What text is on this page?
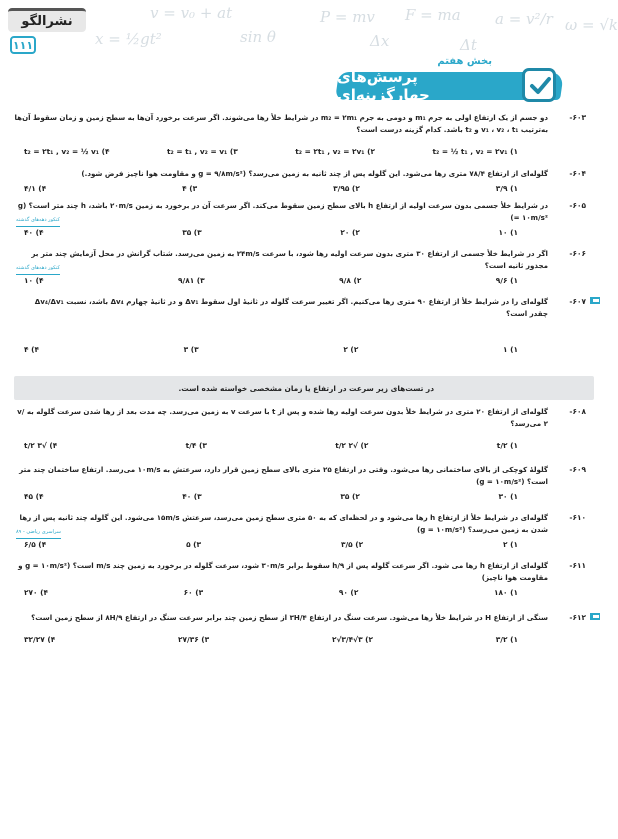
v = v₀ + at	P = mv F = ma a = v²/r ω = √k
x = ½gt²	sin θ	Δx	Δt
نشرالگو
۱۱۱
بخش هفتم
پرسش‌های چهارگزینه‌ای
-۶۰۳
دو جسم از یک ارتفاع اولی به جرم m₁ و دومی به جرم m₂ = ۲m₁ در شرایط خلأ رها می‌شوند. اگر سرعت برخورد آن‌ها به سطح زمین و زمان سقوط آن‌ها به‌ترتیب v₁ ، v₂ ، t₁ و t₂ باشد. کدام گزینه درست است؟
۱) t₂ = ½ t₁ , v₂ = ۲v₁
۲) t₂ = ۲t₁ , v₂ = ۲v₁
۳) t₂ = t₁ , v₂ = v₁
۴) t₂ = ۲t₁ , v₂ = ½ v₁
-۶۰۴
گلوله‌ای از ارتفاع ۷۸/۴ متری رها می‌شود. این گلوله پس از چند ثانیه به زمین می‌رسد؟ (g = ۹/۸m/s² و مقاومت هوا ناچیز فرض شود.)
۱) ۳/۹
۲) ۳/۹۵
۳) ۴
۴) ۴/۱
-۶۰۵
در شرایط خلأ جسمی بدون سرعت اولیه از ارتفاع h بالای سطح زمین سقوط می‌کند. اگر سرعت آن در برخورد به زمین ۲۰m/s باشد، h چند متر است؟ (g = ۱۰m/s²)
کنکور دهه‌های گذشته
۱) ۱۰
۲) ۲۰
۳) ۳۵
۴) ۴۰
-۶۰۶
اگر در شرایط خلأ جسمی از ارتفاع ۳۰ متری بدون سرعت اولیه رها شود، با سرعت ۲۴m/s به زمین می‌رسد. شتاب گرانش در محل آزمایش چند متر بر مجذور ثانیه است؟
کنکور دهه‌های گذشته
۱) ۹/۶
۲) ۹/۸
۳) ۹/۸۱
۴) ۱۰
-۶۰۷
گلوله‌ای را در شرایط خلأ از ارتفاع ۹۰ متری رها می‌کنیم. اگر تغییر سرعت گلوله در ثانیهٔ اول سقوط Δv₁ و در ثانیهٔ چهارم Δv₄ باشد، نسبت Δv₄/Δv₁ چقدر است؟
۱) ۱
۲) ۲
۳) ۳
۴) ۴
در تست‌های زیر سرعت در ارتفاع یا زمان مشخصی خواسته شده است.
-۶۰۸
گلوله‌ای از ارتفاع ۲۰ متری در شرایط خلأ بدون سرعت اولیه رها شده و پس از t با سرعت v به زمین می‌رسد. چه مدت بعد از رها شدن سرعت گلوله به v/۲ می‌رسد؟
۱) t/۲
۲) √۲ t/۲
۳) t/۴
۴) √۳ t/۲
-۶۰۹
گلولهٔ کوچکی از بالای ساختمانی رها می‌شود. وقتی در ارتفاع ۲۵ متری بالای سطح زمین قرار دارد، سرعتش به ۱۰m/s می‌رسد. ارتفاع ساختمان چند متر است؟ (g = ۱۰m/s²)
۱) ۳۰
۲) ۳۵
۳) ۴۰
۴) ۴۵
-۶۱۰
گلوله‌ای در شرایط خلأ از ارتفاع h رها می‌شود و در لحظه‌ای که به ۵۰ متری سطح زمین می‌رسد، سرعتش ۱۵m/s می‌شود. این گلوله چند ثانیه پس از رها شدن به زمین می‌رسد؟ (g = ۱۰m/s²)
سراسری ریاضی - ۸۹
۱) ۲
۲) ۳/۵
۳) ۵
۴) ۶/۵
-۶۱۱
گلوله‌ای از ارتفاع h رها می‌ شود. اگر سرعت گلوله پس از h/۹ سقوط برابر ۳۰m/s شود، سرعت گلوله در برخورد به زمین چند m/s است؟ (g = ۱۰m/s² و مقاومت هوا ناچیز)
۱) ۱۸۰
۲) ۹۰
۳) ۶۰
۴) ۲۷۰
-۶۱۲
سنگی از ارتفاع H در شرایط خلأ رها می‌شود. سرعت سنگ در ارتفاع ۳H/۴ از سطح زمین چند برابر سرعت سنگ در ارتفاع ۸H/۹ از سطح زمین است؟
۱) ۳/۲
۲) ۳√۳/۴√۲
۳) ۲۷/۳۶
۴) ۳۲/۲۷
